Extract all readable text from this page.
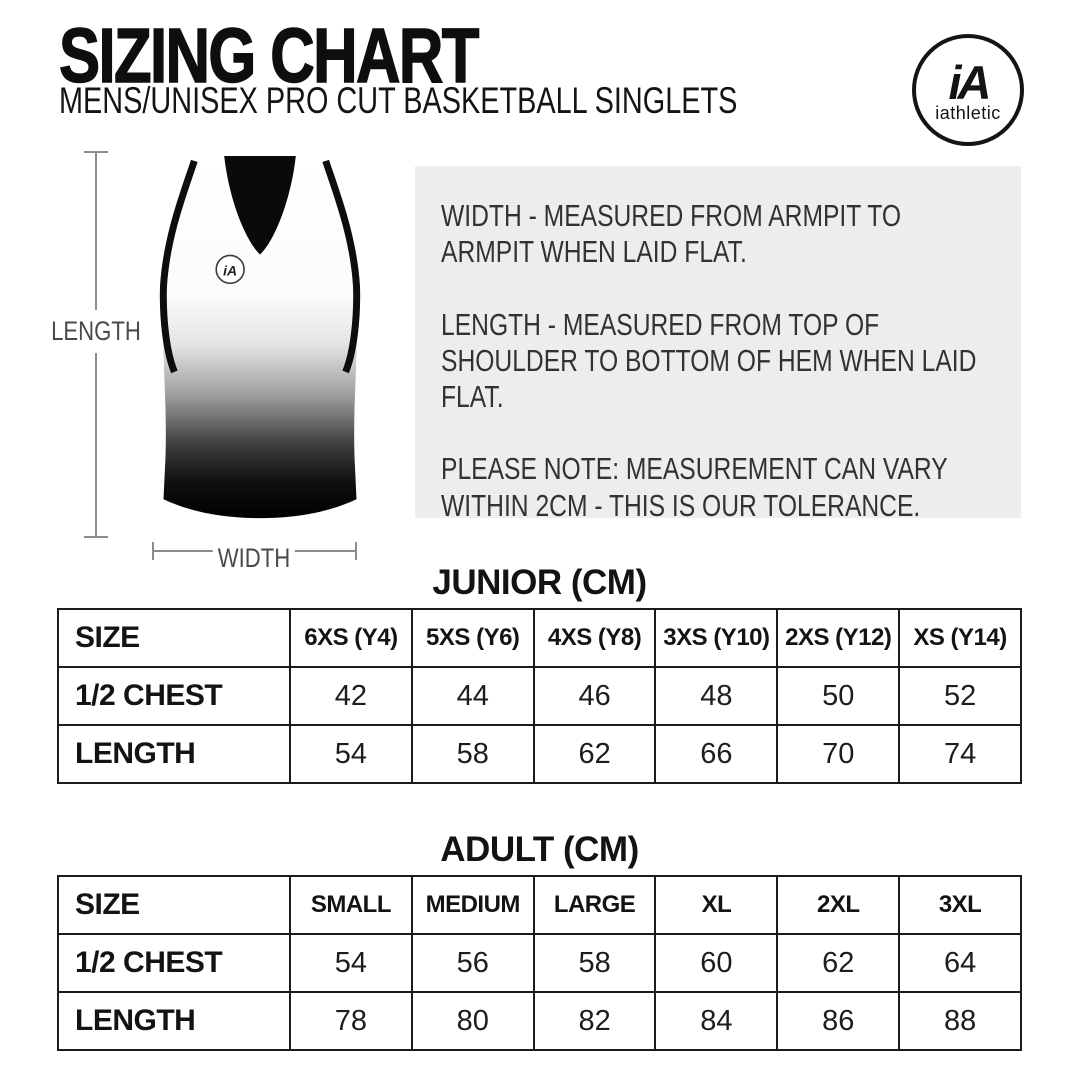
SIZING CHART
MENS/UNISEX PRO CUT BASKETBALL SINGLETS	iA
iathletic
iA
LENGTH
WIDTH

WIDTH - MEASURED FROM ARMPIT TO ARMPIT WHEN LAID FLAT.

LENGTH - MEASURED FROM TOP OF SHOULDER TO BOTTOM OF HEM WHEN LAID FLAT.

PLEASE NOTE: MEASUREMENT CAN VARY WITHIN 2CM - THIS IS OUR TOLERANCE.

JUNIOR (CM)
SIZE	6XS (Y4)	5XS (Y6)	4XS (Y8)	3XS (Y10)	2XS (Y12)	XS (Y14)
1/2 CHEST	42	44	46	48	50	52
LENGTH	54	58	62	66	70	74
ADULT (CM)
SIZE	SMALL	MEDIUM	LARGE	XL	2XL	3XL
1/2 CHEST	54	56	58	60	62	64
LENGTH	78	80	82	84	86	88
